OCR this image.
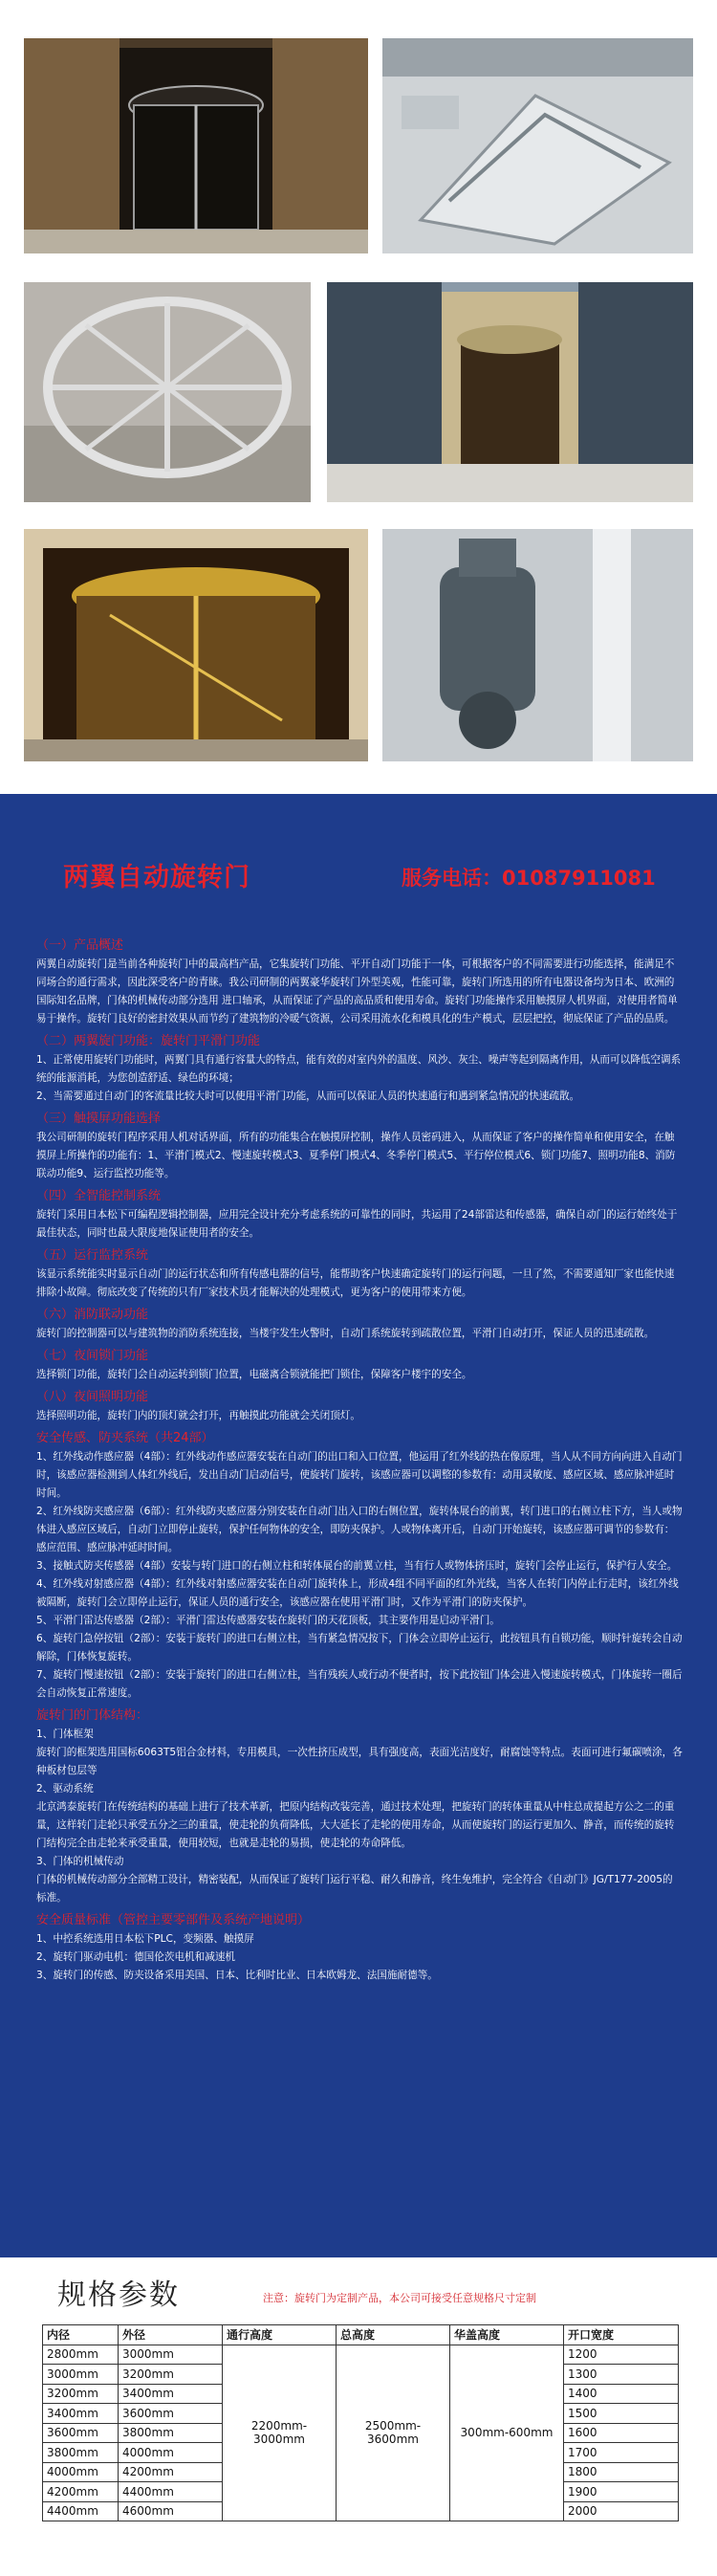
两翼自动旋转门	服务电话：01087911081
（一）产品概述

两翼自动旋转门是当前各种旋转门中的最高档产品，它集旋转门功能、平开自动门功能于一体，可根据客户的不同需要进行功能选择，能满足不同场合的通行需求，因此深受客户的青睐。我公司研制的两翼豪华旋转门外型美观，性能可靠，旋转门所选用的所有电器设备均为日本、欧洲的国际知名品牌，门体的机械传动部分选用 进口轴承，从而保证了产品的高品质和使用寿命。旋转门功能操作采用触摸屏人机界面，对使用者简单易于操作。旋转门良好的密封效果从而节约了建筑物的冷暖气资源，公司采用流水化和模具化的生产模式，层层把控，彻底保证了产品的品质。

（二）两翼旋门功能：旋转门平滑门功能

1、正常使用旋转门功能时，两翼门具有通行容量大的特点，能有效的对室内外的温度、风沙、灰尘、噪声等起到隔离作用，从而可以降低空调系统的能源消耗，为您创造舒适、绿色的环境；

2、当需要通过自动门的客流量比较大时可以使用平滑门功能，从而可以保证人员的快速通行和遇到紧急情况的快速疏散。

（三）触摸屏功能选择

我公司研制的旋转门程序采用人机对话界面，所有的功能集合在触摸屏控制，操作人员密码进入，从而保证了客户的操作简单和使用安全，在触摸屏上所操作的功能有：1、平滑门模式2、慢速旋转模式3、夏季停门模式4、冬季停门模式5、平行停位模式6、锁门功能7、照明功能8、消防联动功能9、运行监控功能等。

（四）全智能控制系统

旋转门采用日本松下可编程逻辑控制器，应用完全设计充分考虑系统的可靠性的同时，共运用了24部雷达和传感器，确保自动门的运行始终处于最佳状态，同时也最大限度地保证使用者的安全。

（五）运行监控系统

该显示系统能实时显示自动门的运行状态和所有传感电器的信号，能帮助客户快速确定旋转门的运行问题，一旦了然，不需要通知厂家也能快速排除小故障。彻底改变了传统的只有厂家技术员才能解决的处理模式，更为客户的使用带来方便。

（六）消防联动功能

旋转门的控制器可以与建筑物的消防系统连接，当楼宇发生火警时，自动门系统旋转到疏散位置，平滑门自动打开，保证人员的迅速疏散。

（七）夜间锁门功能

选择锁门功能，旋转门会自动运转到锁门位置，电磁离合锁就能把门锁住，保障客户楼宇的安全。

（八）夜间照明功能

选择照明功能，旋转门内的顶灯就会打开，再触摸此功能就会关闭顶灯。

安全传感、防夹系统（共24部）

1、红外线动作感应器（4部）：红外线动作感应器安装在自动门的出口和入口位置，他运用了红外线的热在像原理，当人从不同方向向进入自动门时，该感应器检测到人体红外线后，发出自动门启动信号，使旋转门旋转，该感应器可以调整的参数有：动用灵敏度、感应区域、感应脉冲延时时间。

2、红外线防夹感应器（6部）：红外线防夹感应器分别安装在自动门出入口的右侧位置，旋转体展台的前翼，转门进口的右侧立柱下方，当人或物体进入感应区域后，自动门立即停止旋转，保护任何物体的安全，即防夹保护。人或物体离开后，自动门开始旋转，该感应器可调节的参数有：感应范围、感应脉冲延时时间。

3、接触式防夹传感器（4部）安装与转门进口的右侧立柱和转体展台的前翼立柱，当有行人或物体挤压时，旋转门会停止运行，保护行人安全。

4、红外线对射感应器（4部）：红外线对射感应器安装在自动门旋转体上，形成4组不同平面的红外光线，当客人在转门内停止行走时，该红外线被隔断，旋转门会立即停止运行，保证人员的通行安全，该感应器在使用平滑门时，又作为平滑门的防夹保护。

5、平滑门雷达传感器（2部）：平滑门雷达传感器安装在旋转门的天花顶板，其主要作用是启动平滑门。

6、旋转门急停按钮（2部）：安装于旋转门的进口右侧立柱，当有紧急情况按下，门体会立即停止运行，此按钮具有自锁功能，顺时针旋转会自动解除，门体恢复旋转。

7、旋转门慢速按钮（2部）：安装于旋转门的进口右侧立柱，当有残疾人或行动不便者时，按下此按钮门体会进入慢速旋转模式，门体旋转一圈后会自动恢复正常速度。

旋转门的门体结构：

1、门体框架

旋转门的框架选用国标6063T5铝合金材料，专用模具，一次性挤压成型，具有强度高，表面光洁度好，耐腐蚀等特点。表面可进行氟碳喷涂，各种板材包层等

2、驱动系统

北京鸿泰旋转门在传统结构的基础上进行了技术革新，把原内结构改装完善，通过技术处理，把旋转门的转体重量从中柱总成提起方公之二的重量，这样转门走轮只承受五分之三的重量，使走轮的负荷降低，大大延长了走轮的使用寿命，从而使旋转门的运行更加久、静音，而传统的旋转门结构完全由走轮来承受重量，使用较短，也就是走轮的易损，使走轮的寿命降低。

3、门体的机械传动

门体的机械传动部分全部精工设计，精密装配，从而保证了旋转门运行平稳、耐久和静音，终生免维护，完全符合《自动门》JG/T177-2005的标准。

安全质量标准（管控主要零部件及系统产地说明）

1、中控系统选用日本松下PLC，变频器、触摸屏

2、旋转门驱动电机：德国伦茨电机和减速机

3、旋转门的传感、防夹设备采用美国、日本、比利时比业、日本欧姆龙、法国施耐德等。

规格参数	注意：旋转门为定制产品，本公司可接受任意规格尺寸定制
内径	外径	通行高度	总高度	华盖高度	开口宽度
2800mm	3000mm	2200mm-3000mm	2500mm-3600mm	300mm-600mm	1200
3000mm	3200mm				1300
3200mm	3400mm				1400
3400mm	3600mm				1500
3600mm	3800mm				1600
3800mm	4000mm				1700
4000mm	4200mm				1800
4200mm	4400mm				1900
4400mm	4600mm				2000
